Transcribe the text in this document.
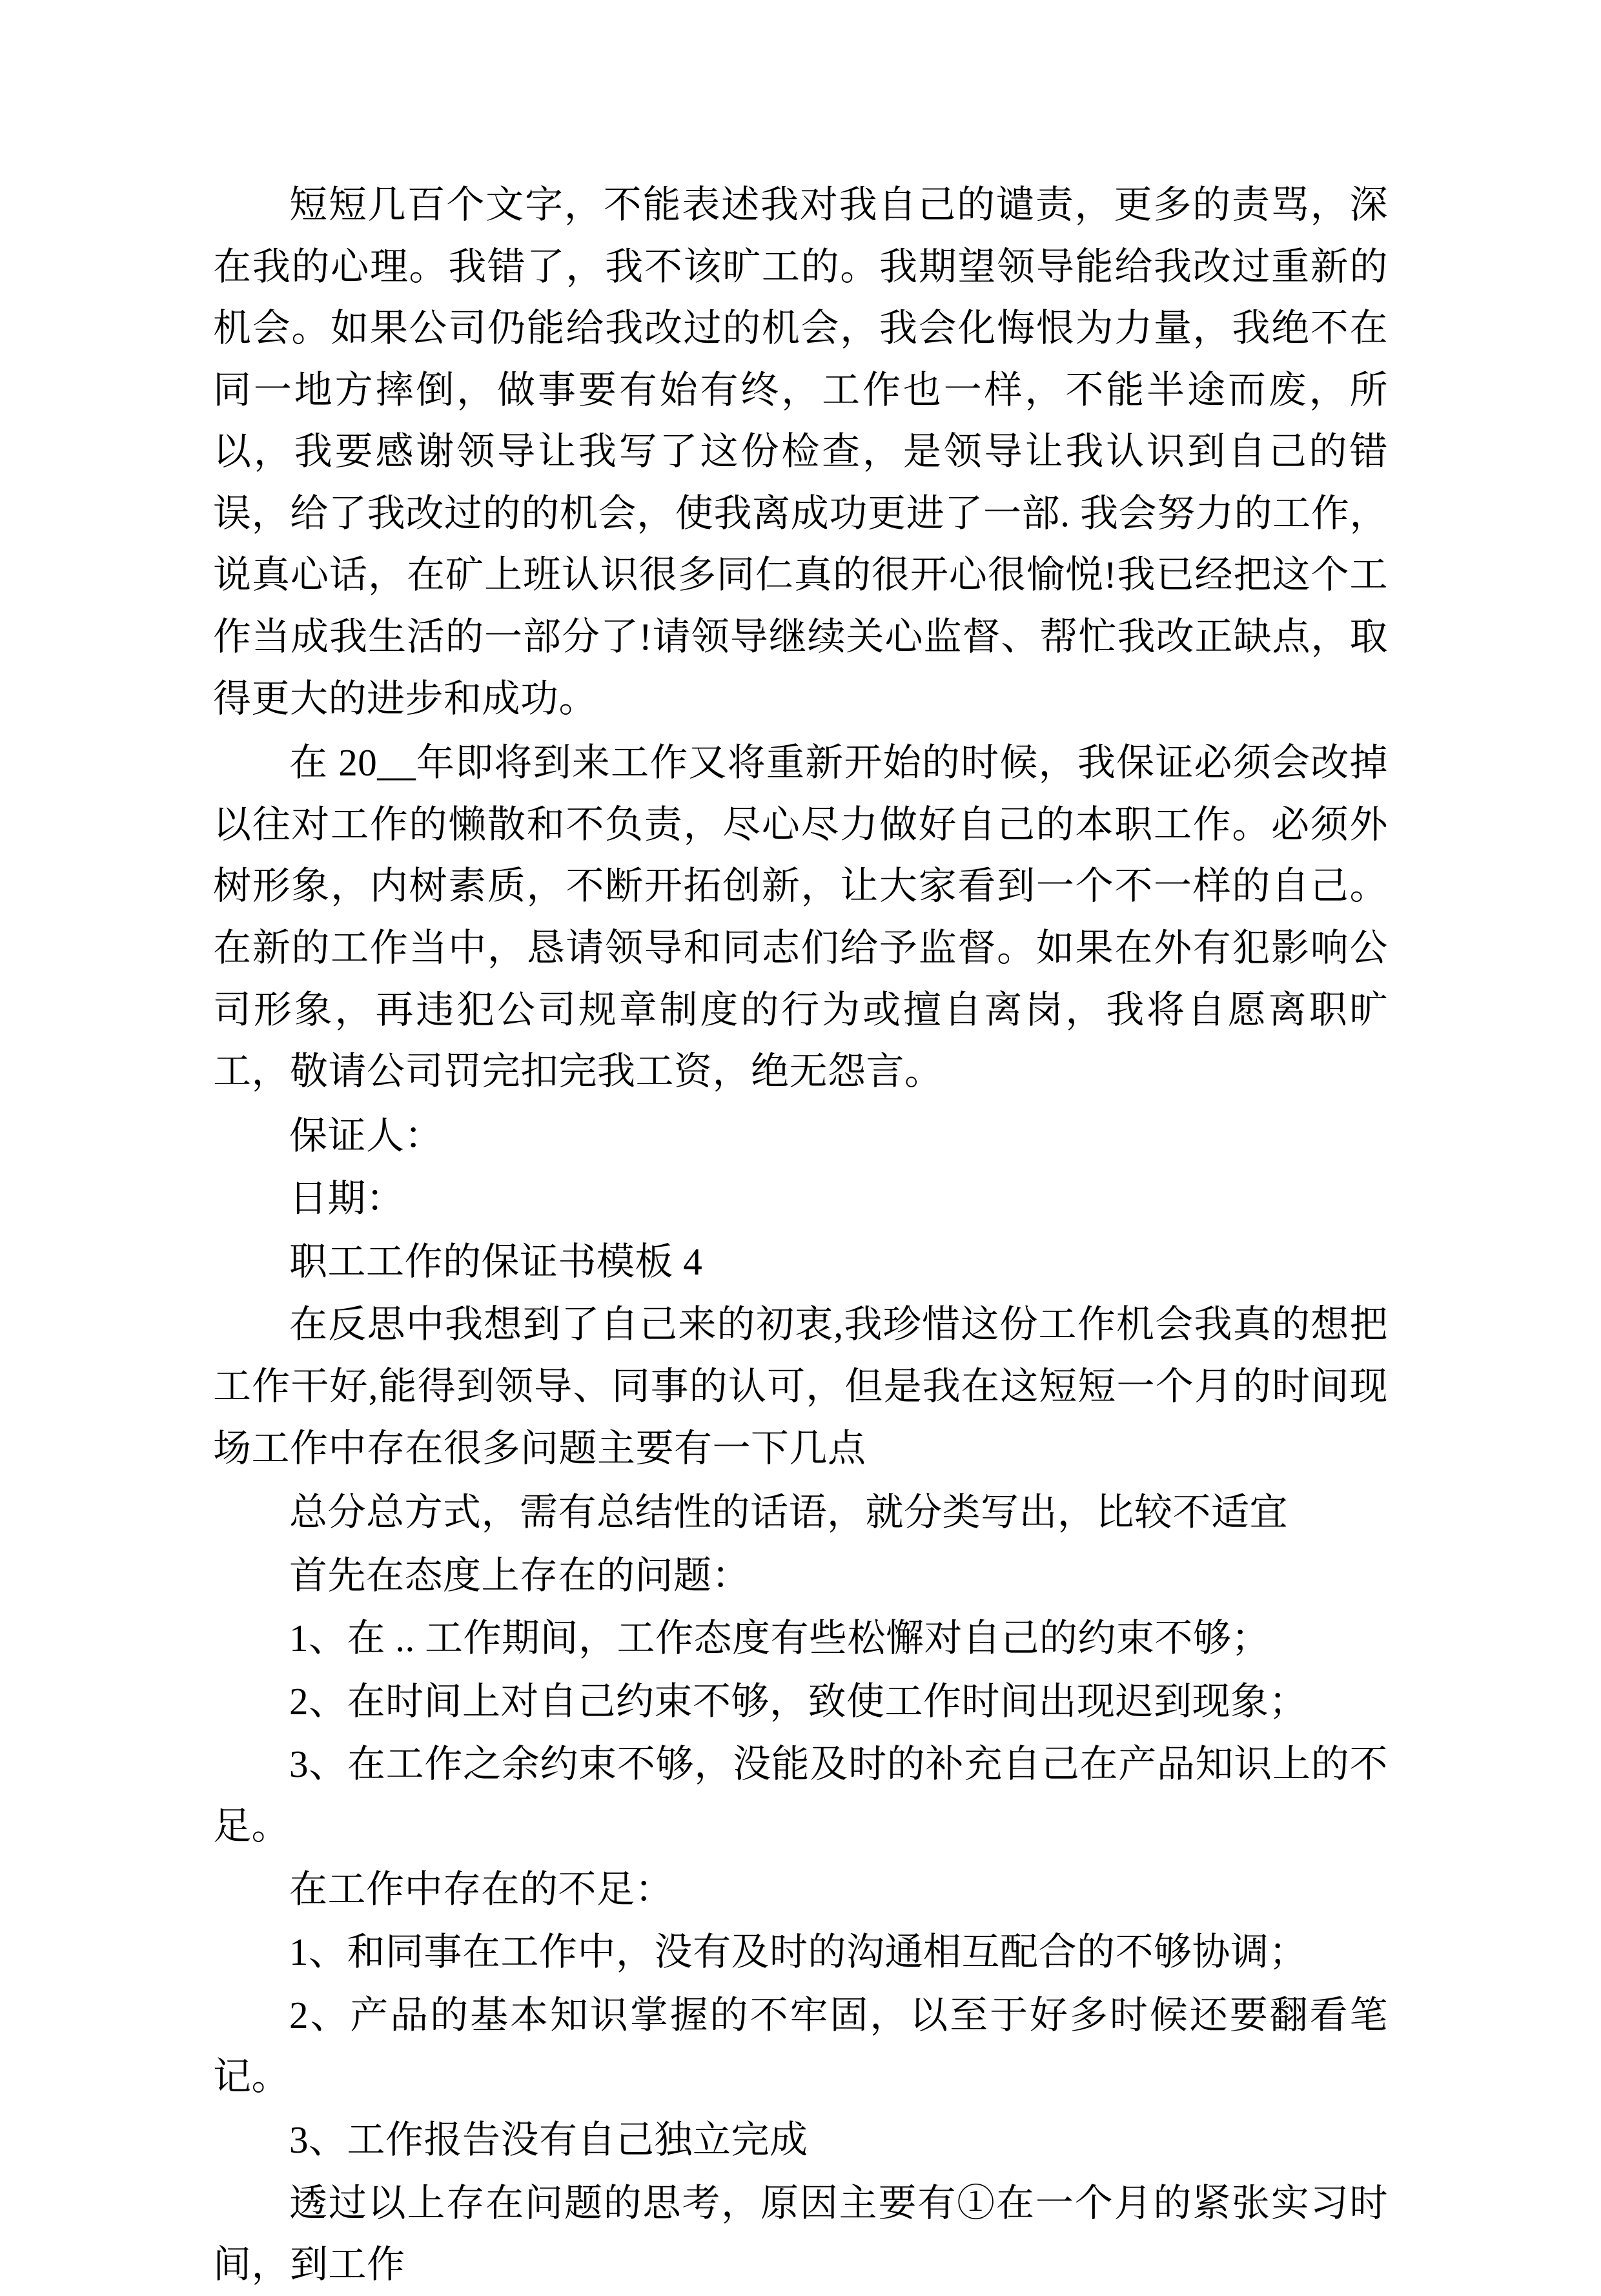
短短几百个文字，不能表述我对我自己的谴责，更多的责骂，深在我的心理。我错了，我不该旷工的。我期望领导能给我改过重新的机会。如果公司仍能给我改过的机会，我会化悔恨为力量，我绝不在同一地方摔倒，做事要有始有终，工作也一样，不能半途而废，所以，我要感谢领导让我写了这份检查，是领导让我认识到自己的错误，给了我改过的的机会，使我离成功更进了一部. 我会努力的工作，说真心话，在矿上班认识很多同仁真的很开心很愉悦!我已经把这个工作当成我生活的一部分了!请领导继续关心监督、帮忙我改正缺点，取得更大的进步和成功。

在 20__年即将到来工作又将重新开始的时候，我保证必须会改掉以往对工作的懒散和不负责，尽心尽力做好自己的本职工作。必须外树形象，内树素质，不断开拓创新，让大家看到一个不一样的自己。在新的工作当中，恳请领导和同志们给予监督。如果在外有犯影响公司形象，再违犯公司规章制度的行为或擅自离岗，我将自愿离职旷工，敬请公司罚完扣完我工资，绝无怨言。

保证人：

日期：

职工工作的保证书模板 4

在反思中我想到了自己来的初衷,我珍惜这份工作机会我真的想把工作干好,能得到领导、同事的认可，但是我在这短短一个月的时间现场工作中存在很多问题主要有一下几点

总分总方式，需有总结性的话语，就分类写出，比较不适宜

首先在态度上存在的问题：

1、在 .. 工作期间，工作态度有些松懈对自己的约束不够；

2、在时间上对自己约束不够，致使工作时间出现迟到现象；

3、在工作之余约束不够，没能及时的补充自己在产品知识上的不足。

在工作中存在的不足：

1、和同事在工作中，没有及时的沟通相互配合的不够协调；

2、产品的基本知识掌握的不牢固，以至于好多时候还要翻看笔记。

3、工作报告没有自己独立完成

透过以上存在问题的思考，原因主要有①在一个月的紧张实习时间，到工作
